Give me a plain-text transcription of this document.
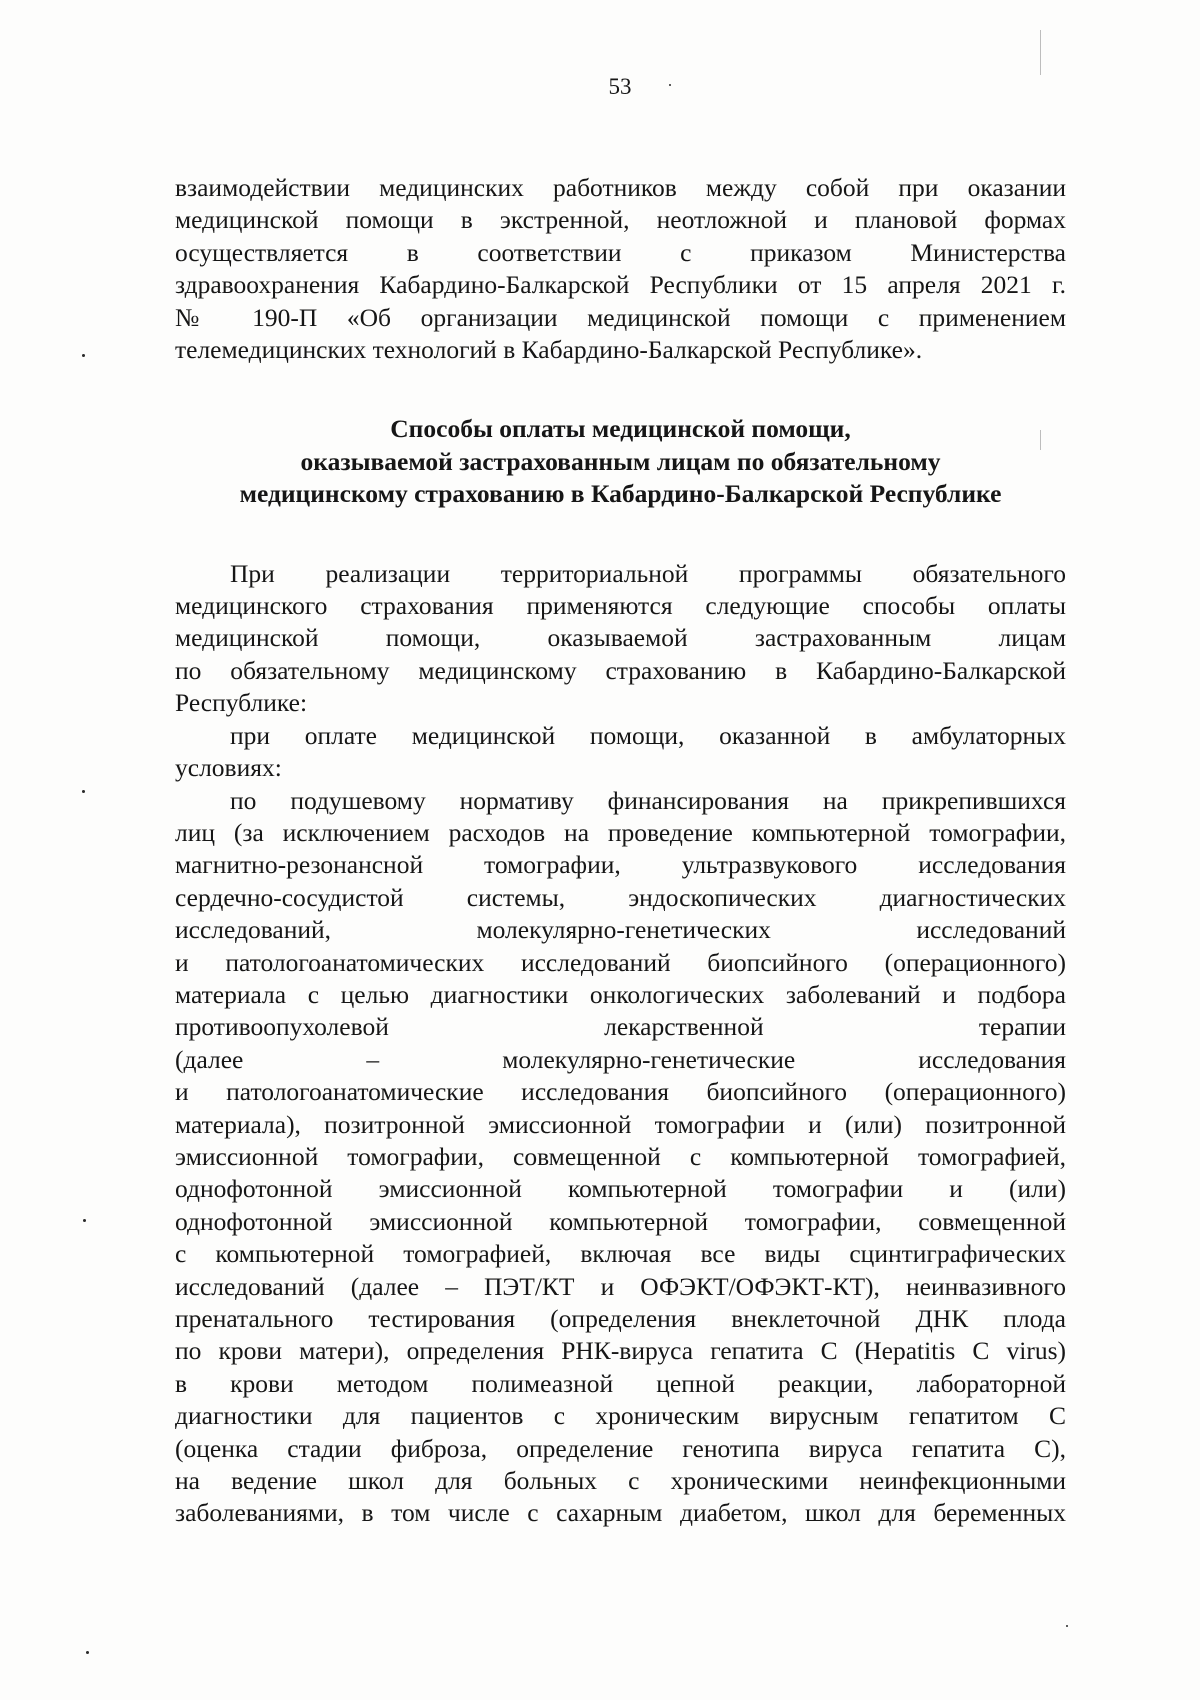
53
взаимодействии медицинских работников между собой при оказании
медицинской помощи в экстренной, неотложной и плановой формах
осуществляется в соответствии с приказом Министерства
здравоохранения Кабардино-Балкарской Республики от 15 апреля 2021 г.
№ 190-П «Об организации медицинской помощи с применением
телемедицинских технологий в Кабардино-Балкарской Республике».
Способы оплаты медицинской помощи,
оказываемой застрахованным лицам по обязательному
медицинскому страхованию в Кабардино-Балкарской Республике
При реализации территориальной программы обязательного
медицинского страхования применяются следующие способы оплаты
медицинской помощи, оказываемой застрахованным лицам
по обязательному медицинскому страхованию в Кабардино-Балкарской
Республике:
при оплате медицинской помощи, оказанной в амбулаторных
условиях:
по подушевому нормативу финансирования на прикрепившихся
лиц (за исключением расходов на проведение компьютерной томографии,
магнитно-резонансной томографии, ультразвукового исследования
сердечно-сосудистой системы, эндоскопических диагностических
исследований, молекулярно-генетических исследований
и патологоанатомических исследований биопсийного (операционного)
материала с целью диагностики онкологических заболеваний и подбора
противоопухолевой лекарственной терапии
(далее – молекулярно-генетические исследования
и патологоанатомические исследования биопсийного (операционного)
материала), позитронной эмиссионной томографии и (или) позитронной
эмиссионной томографии, совмещенной с компьютерной томографией,
однофотонной эмиссионной компьютерной томографии и (или)
однофотонной эмиссионной компьютерной томографии, совмещенной
с компьютерной томографией, включая все виды сцинтиграфических
исследований (далее – ПЭТ/КТ и ОФЭКТ/ОФЭКТ-КТ), неинвазивного
пренатального тестирования (определения внеклеточной ДНК плода
по крови матери), определения РНК-вируса гепатита С (Hepatitis C virus)
в крови методом полимеазной цепной реакции, лабораторной
диагностики для пациентов с хроническим вирусным гепатитом С
(оценка стадии фиброза, определение генотипа вируса гепатита С),
на ведение школ для больных с хроническими неинфекционными
заболеваниями, в том числе с сахарным диабетом, школ для беременных
